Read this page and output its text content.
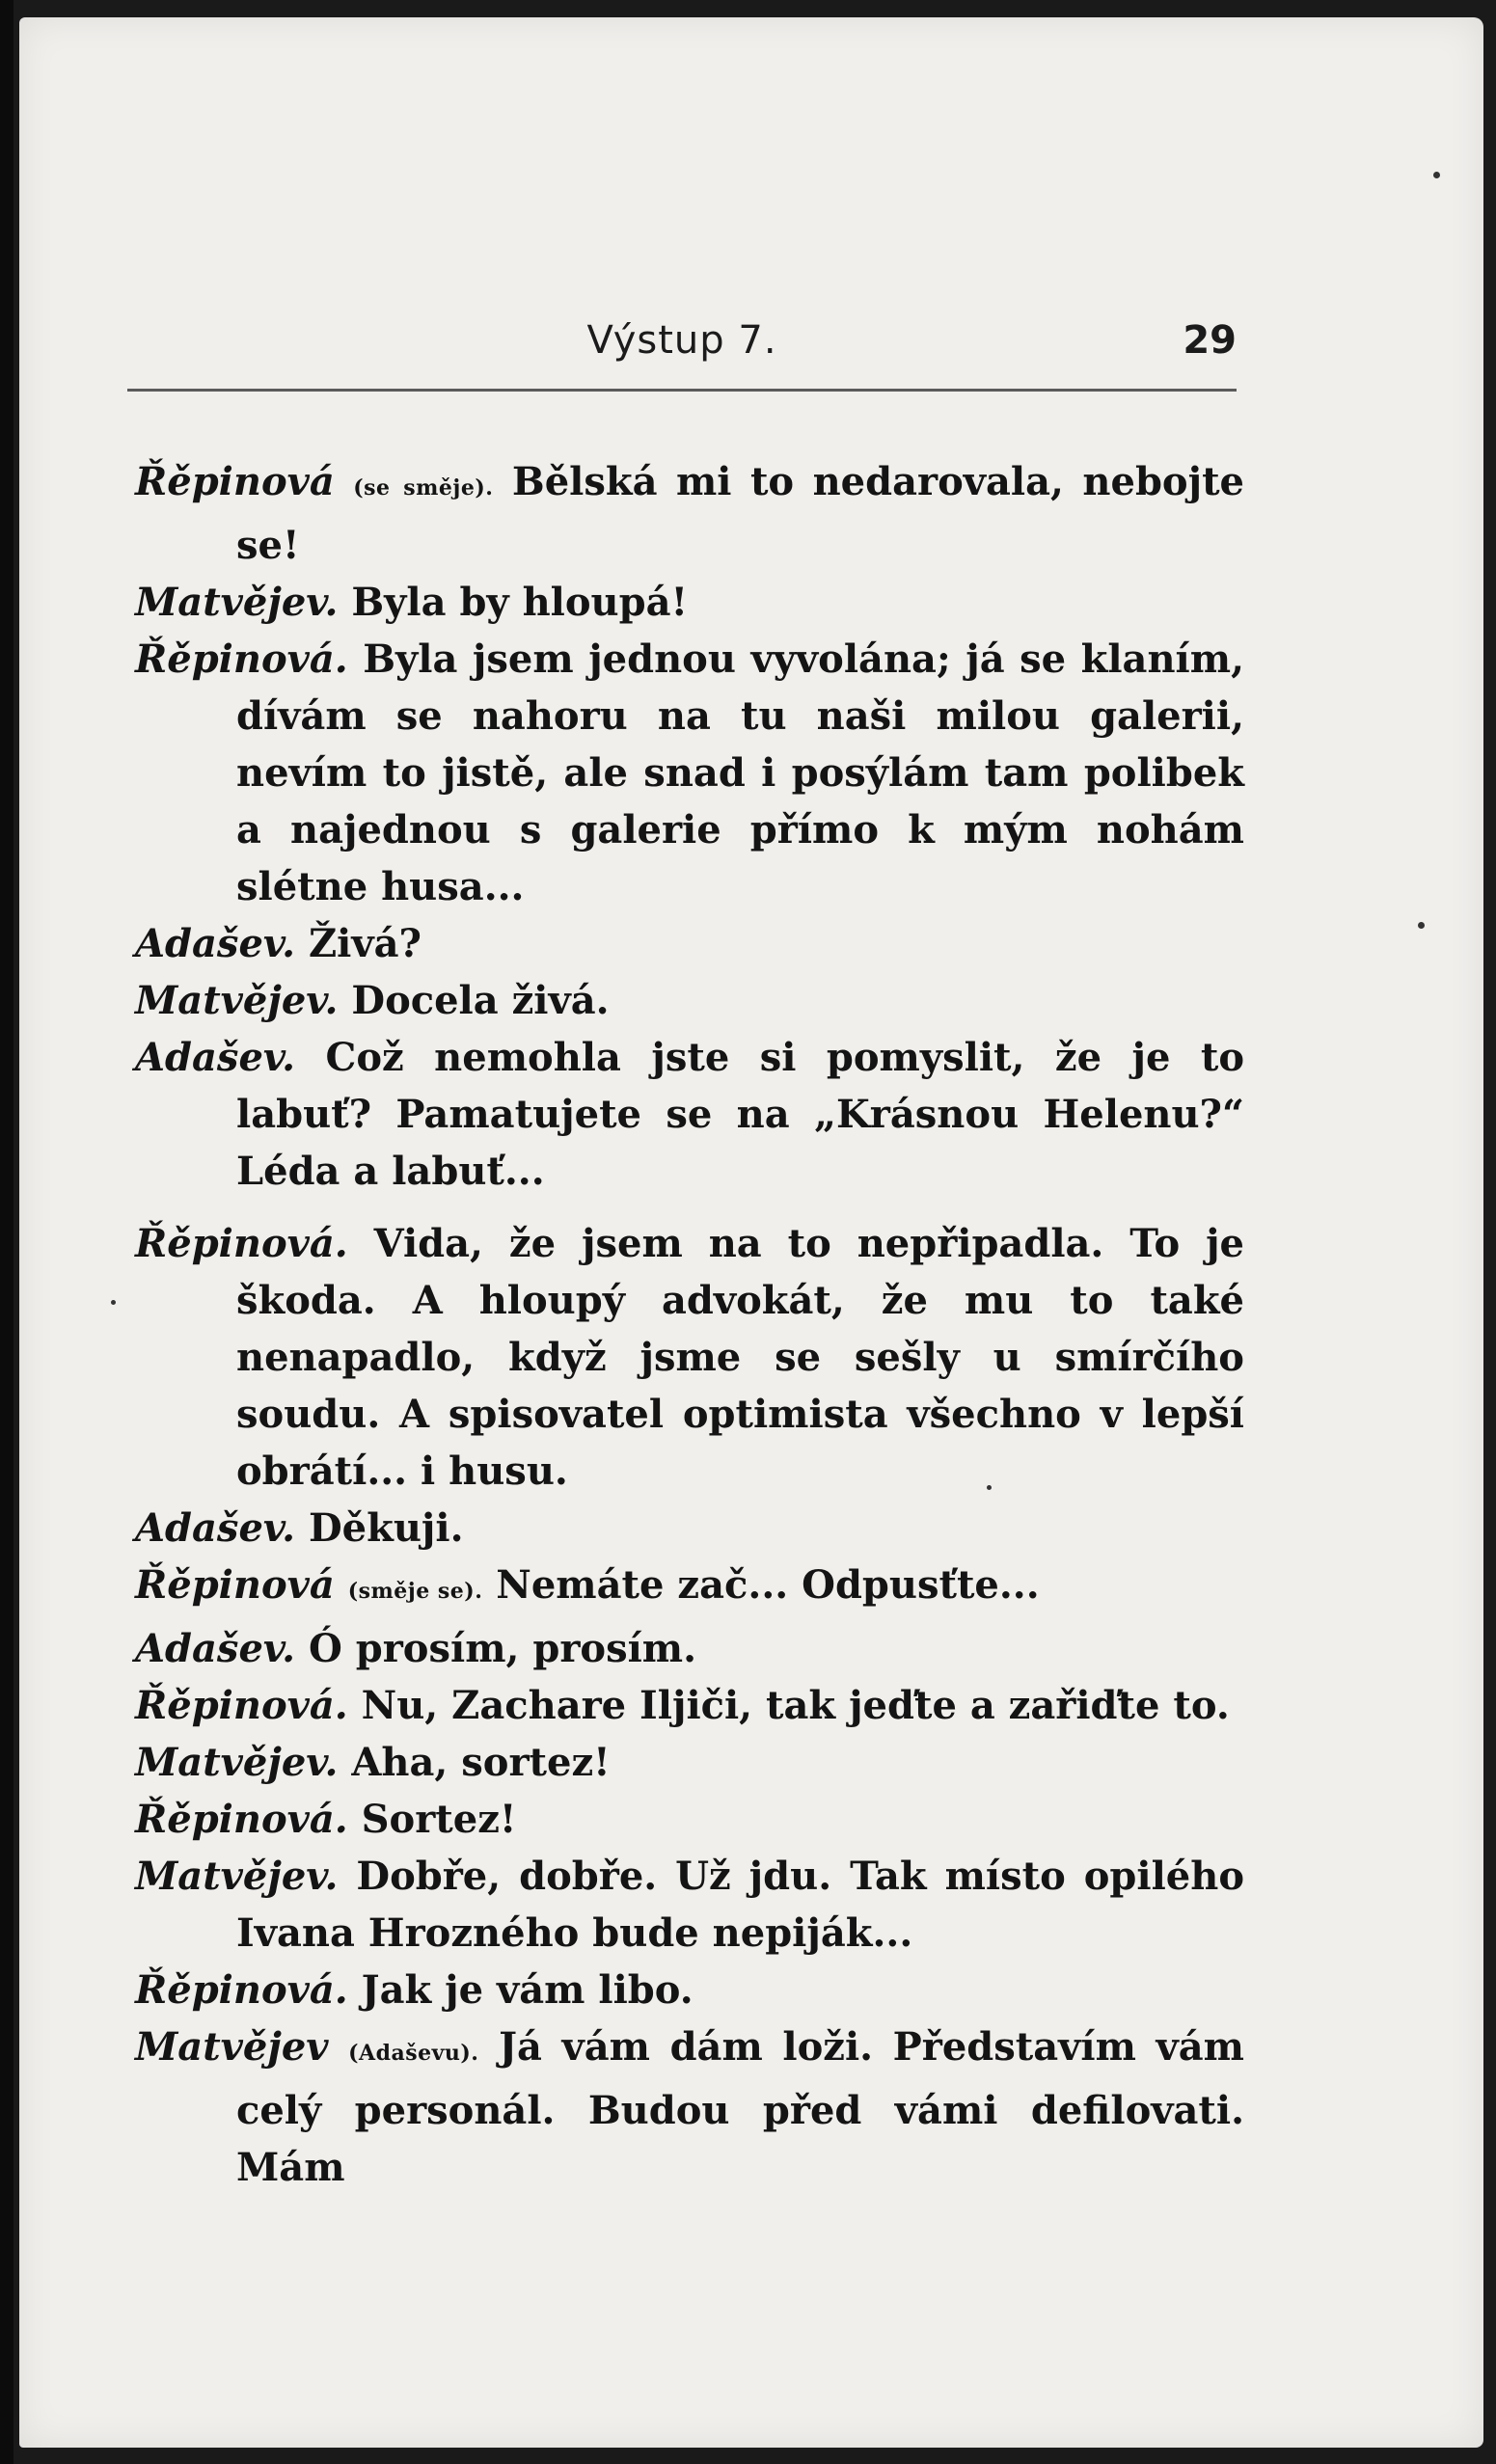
Výstup 7.	29

Řěpinová (se směje). Bělská mi to nedarovala, nebojte se!

Matvějev. Byla by hloupá!

Řěpinová. Byla jsem jednou vyvolána; já se klaním, dívám se nahoru na tu naši milou galerii, nevím to jistě, ale snad i posýlám tam polibek a najednou s galerie přímo k mým nohám slétne husa...

Adašev. Živá?

Matvějev. Docela živá.

Adašev. Což nemohla jste si pomyslit, že je to labuť? Pamatujete se na „Krásnou Helenu?“ Léda a labuť...

Řěpinová. Vida, že jsem na to nepřipadla. To je škoda. A hloupý advokát, že mu to také nenapadlo, když jsme se sešly u smírčího soudu. A spisovatel optimista všechno v lepší obrátí... i husu.

Adašev. Děkuji.

Řěpinová (směje se). Nemáte zač... Odpusťte...

Adašev. Ó prosím, prosím.

Řěpinová. Nu, Zachare Iljiči, tak jeďte a zařiďte to.

Matvějev. Aha, sortez!

Řěpinová. Sortez!

Matvějev. Dobře, dobře. Už jdu. Tak místo opilého Ivana Hrozného bude nepiják...

Řěpinová. Jak je vám libo.

Matvějev (Adaševu). Já vám dám loži. Představím vám celý personál. Budou před vámi defilovati. Mám
